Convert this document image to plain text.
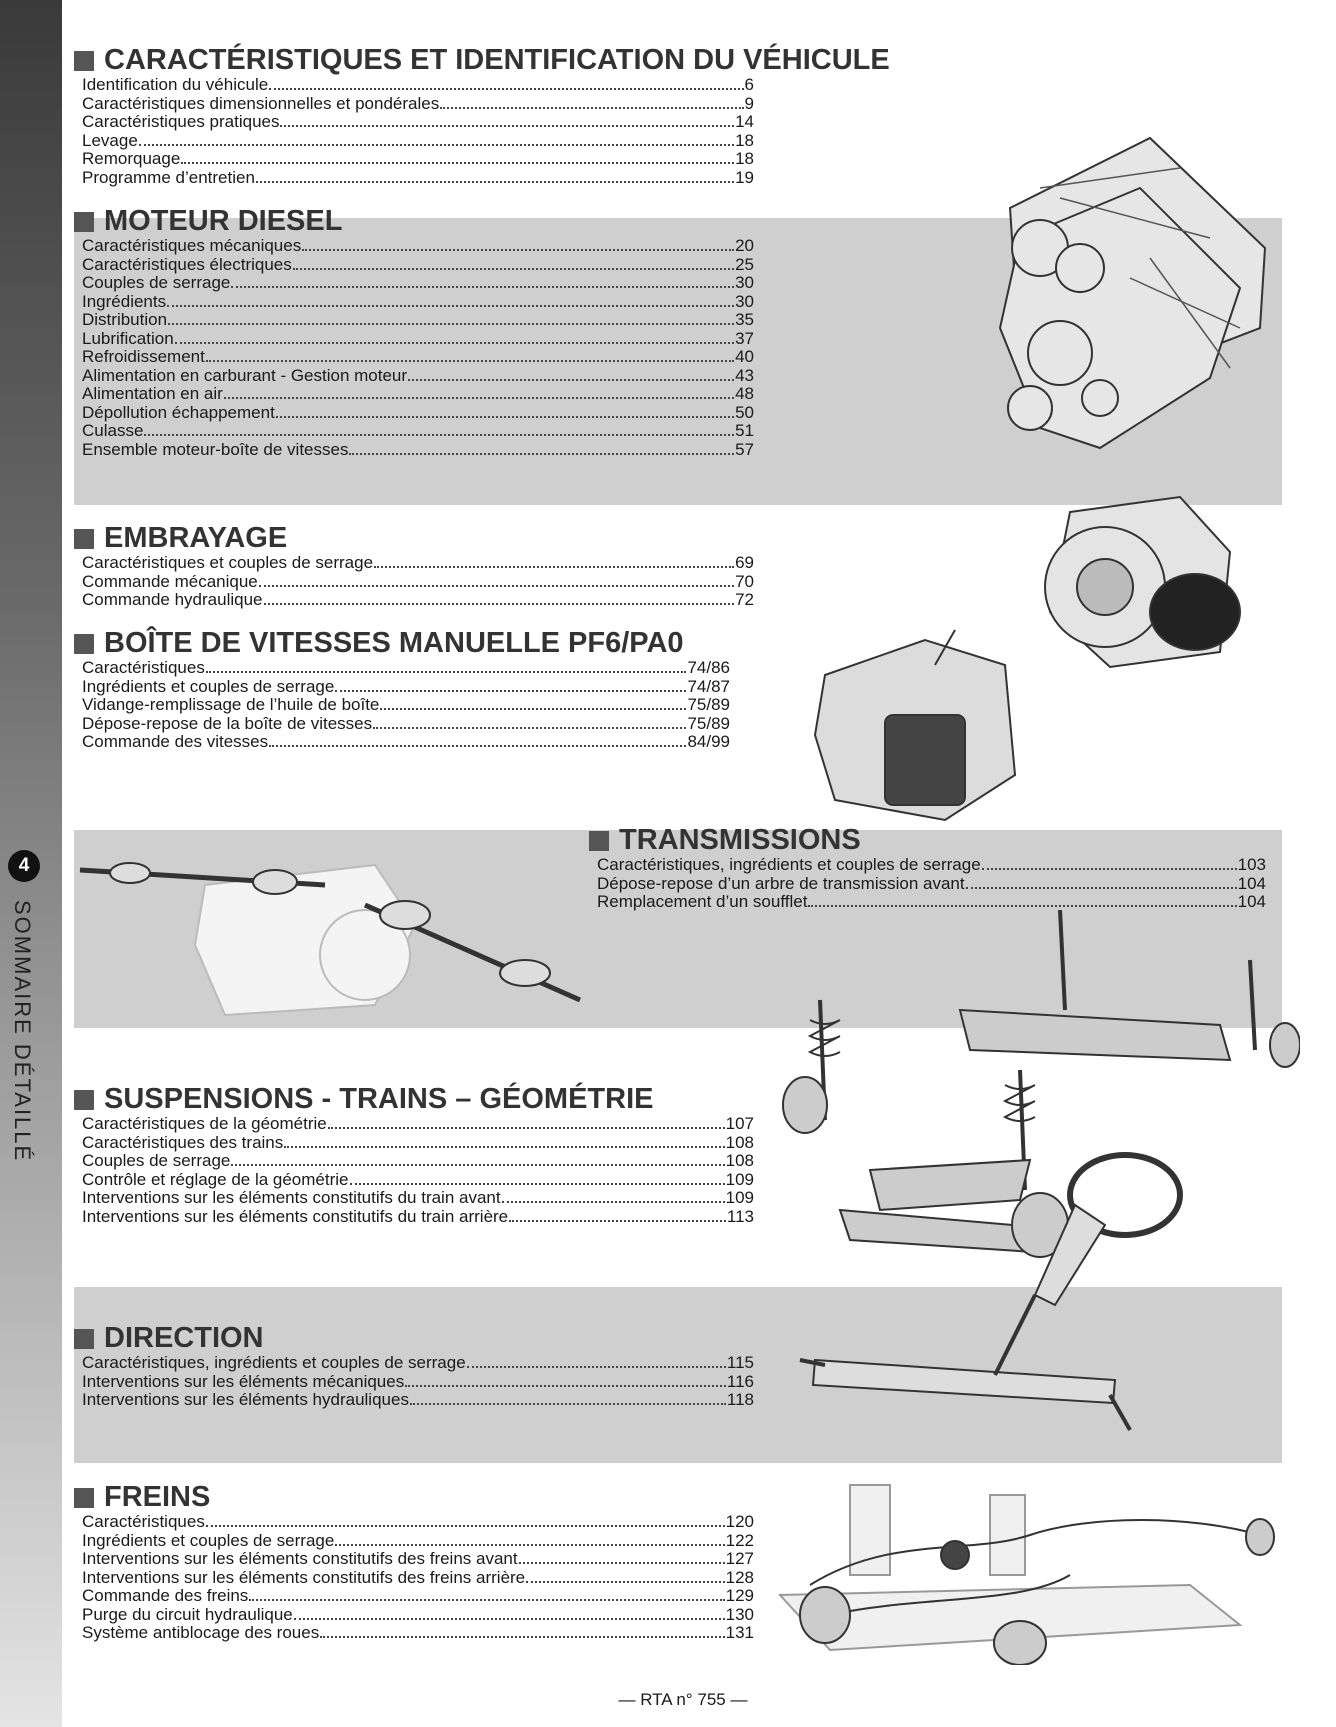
4
SOMMAIRE DÉTAILLÉ
CARACTÉRISTIQUES ET IDENTIFICATION DU VÉHICULE
Identification du véhicule	6
Caractéristiques dimensionnelles et pondérales	9
Caractéristiques pratiques	14
Levage	18
Remorquage	18
Programme d’entretien	19
MOTEUR DIESEL
Caractéristiques mécaniques	20
Caractéristiques électriques	25
Couples de serrage	30
Ingrédients	30
Distribution	35
Lubrification	37
Refroidissement	40
Alimentation en carburant - Gestion moteur	43
Alimentation en air	48
Dépollution échappement	50
Culasse	51
Ensemble moteur-boîte de vitesses	57
EMBRAYAGE
Caractéristiques et couples de serrage	69
Commande mécanique	70
Commande hydraulique	72
BOÎTE DE VITESSES MANUELLE PF6/PA0
Caractéristiques	74/86
Ingrédients et couples de serrage	74/87
Vidange-remplissage de l’huile de boîte	75/89
Dépose-repose de la boîte de vitesses	75/89
Commande des vitesses	84/99
TRANSMISSIONS
Caractéristiques, ingrédients et couples de serrage	103
Dépose-repose d’un arbre de transmission avant	104
Remplacement d’un soufflet	104
SUSPENSIONS - TRAINS – GÉOMÉTRIE
Caractéristiques de la géométrie	107
Caractéristiques des trains	108
Couples de serrage	108
Contrôle et réglage de la géométrie	109
Interventions sur les éléments constitutifs du train avant	109
Interventions sur les éléments constitutifs du train arrière	113
DIRECTION
Caractéristiques, ingrédients et couples de serrage	115
Interventions sur les éléments mécaniques	116
Interventions sur les éléments hydrauliques	118
FREINS
Caractéristiques	120
Ingrédients et couples de serrage	122
Interventions sur les éléments constitutifs des freins avant	127
Interventions sur les éléments constitutifs des freins arrière	128
Commande des freins	129
Purge du circuit hydraulique	130
Système antiblocage des roues	131
— RTA n° 755 —
